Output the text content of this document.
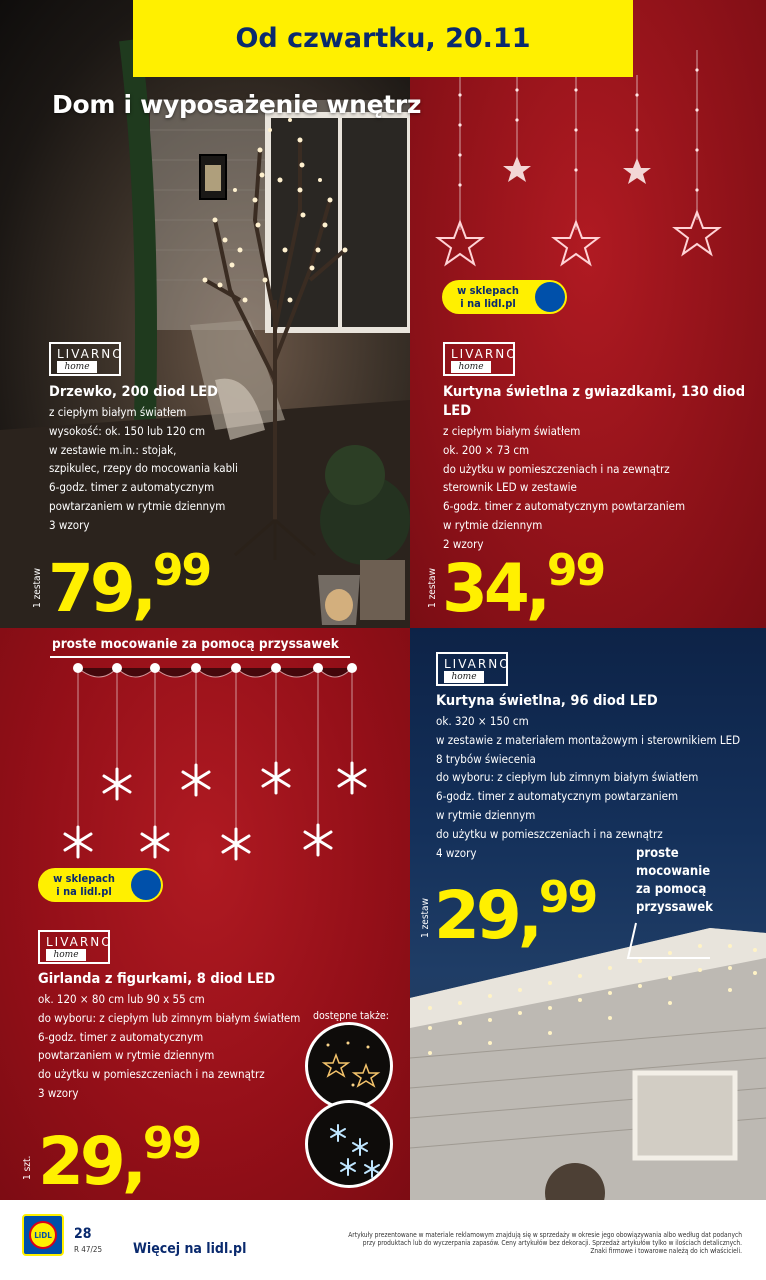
Od czwartku, 20.11
Dom i wyposażenie wnętrz
LIVARNO
home
Drzewko, 200 diod LED
z ciepłym białym światłem
wysokość: ok. 150 lub 120 cm
w zestawie m.in.: stojak,
szpikulec, rzepy do mocowania kabli
6-godz. timer z automatycznym
powtarzaniem w rytmie dziennym
3 wzory
1 zestaw 79,99
w sklepach
i na lidl.pl
LIVARNO
home
Kurtyna świetlna z gwiazdkami, 130 diod LED
z ciepłym białym światłem
ok. 200 × 73 cm
do użytku w pomieszczeniach i na zewnątrz
sterownik LED w zestawie
6-godz. timer z automatycznym powtarzaniem
w rytmie dziennym
2 wzory
1 zestaw 34,99
proste mocowanie za pomocą przyssawek
w sklepach
i na lidl.pl
LIVARNO
home
Girlanda z figurkami, 8 diod LED
ok. 120 × 80 cm lub 90 x 55 cm
do wyboru: z ciepłym lub zimnym białym światłem
6-godz. timer z automatycznym
powtarzaniem w rytmie dziennym
do użytku w pomieszczeniach i na zewnątrz
3 wzory
dostępne także:
1 szt. 29,99
LIVARNO
home
Kurtyna świetlna, 96 diod LED
ok. 320 × 150 cm
w zestawie z materiałem montażowym i sterownikiem LED
8 trybów świecenia
do wyboru: z ciepłym lub zimnym białym światłem
6-godz. timer z automatycznym powtarzaniem
w rytmie dziennym
do użytku w pomieszczeniach i na zewnątrz
4 wzory	proste
mocowanie
za pomocą
przyssawek
1 zestaw 29,99
LiDL 28
R 47/25 Więcej na lidl.pl
Artykuły prezentowane w materiale reklamowym znajdują się w sprzedaży w okresie jego obowiązywania albo według dat podanych
przy produktach lub do wyczerpania zapasów. Ceny artykułów bez dekoracji. Sprzedaż artykułów tylko w ilościach detalicznych.
Znaki firmowe i towarowe należą do ich właścicieli.
